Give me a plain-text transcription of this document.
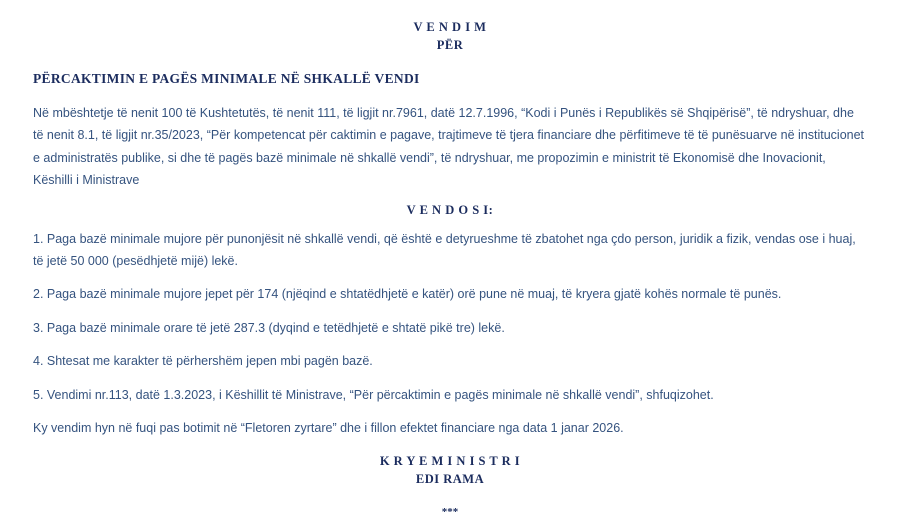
V E N D I M
PËR
PËRCAKTIMIN E PAGËS MINIMALE NË SHKALLË VENDI

Në mbështetje të nenit 100 të Kushtetutës, të nenit 111, të ligjit nr.7961, datë 12.7.1996, “Kodi i Punës i Republikës së Shqipërisë”, të ndryshuar, dhe të nenit 8.1, të ligjit nr.35/2023, “Për kompetencat për caktimin e pagave, trajtimeve të tjera financiare dhe përfitimeve të të punësuarve në institucionet e administratës publike, si dhe të pagës bazë minimale në shkallë vendi”, të ndryshuar, me propozimin e ministrit të Ekonomisë dhe Inovacionit, Këshilli i Ministrave

V E N D O S I:

1. Paga bazë minimale mujore për punonjësit në shkallë vendi, që është e detyrueshme të zbatohet nga çdo person, juridik a fizik, vendas ose i huaj, të jetë 50 000 (pesëdhjetë mijë) lekë.

2. Paga bazë minimale mujore jepet për 174 (njëqind e shtatëdhjetë e katër) orë pune në muaj, të kryera gjatë kohës normale të punës.

3. Paga bazë minimale orare të jetë 287.3 (dyqind e tetëdhjetë e shtatë pikë tre) lekë.

4. Shtesat me karakter të përhershëm jepen mbi pagën bazë.

5. Vendimi nr.113, datë 1.3.2023, i Këshillit të Ministrave, “Për përcaktimin e pagës minimale në shkallë vendi”, shfuqizohet.

Ky vendim hyn në fuqi pas botimit në “Fletoren zyrtare” dhe i fillon efektet financiare nga data 1 janar 2026.

K R Y E M I N I S T R I
EDI RAMA
***
